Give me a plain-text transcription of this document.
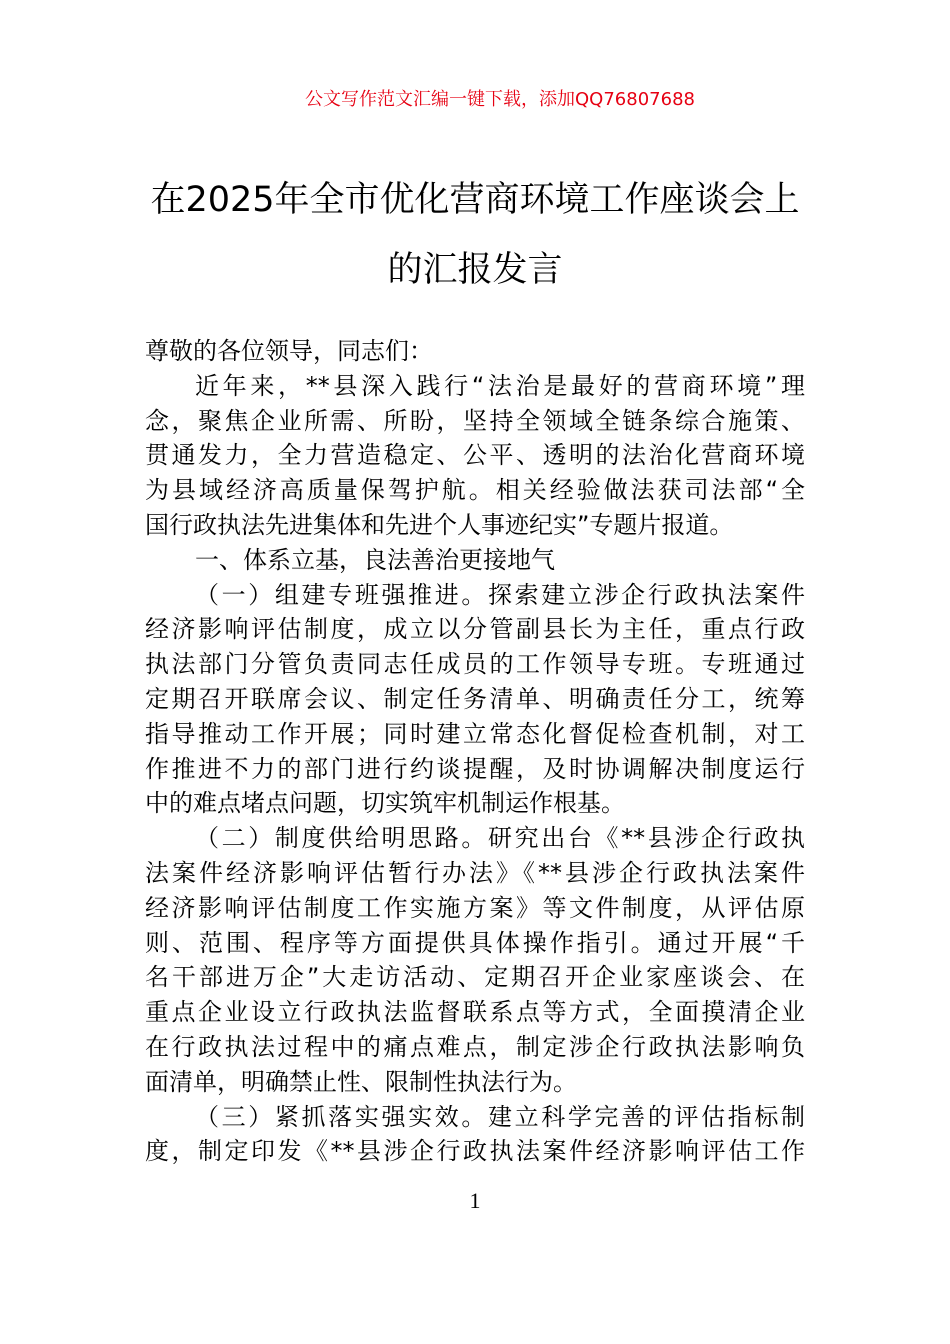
公文写作范文汇编一键下载，添加QQ76807688
在2025年全市优化营商环境工作座谈会上
的汇报发言
尊敬的各位领导，同志们：
近年来，**县深入践行“法治是最好的营商环境”理
念，聚焦企业所需、所盼，坚持全领域全链条综合施策、
贯通发力，全力营造稳定、公平、透明的法治化营商环境
为县域经济高质量保驾护航。相关经验做法获司法部“全
国行政执法先进集体和先进个人事迹纪实”专题片报道。
一、体系立基，良法善治更接地气
（一）组建专班强推进。探索建立涉企行政执法案件
经济影响评估制度，成立以分管副县长为主任，重点行政
执法部门分管负责同志任成员的工作领导专班。专班通过
定期召开联席会议、制定任务清单、明确责任分工，统筹
指导推动工作开展；同时建立常态化督促检查机制，对工
作推进不力的部门进行约谈提醒，及时协调解决制度运行
中的难点堵点问题，切实筑牢机制运作根基。
（二）制度供给明思路。研究出台《**县涉企行政执
法案件经济影响评估暂行办法》《**县涉企行政执法案件
经济影响评估制度工作实施方案》等文件制度，从评估原
则、范围、程序等方面提供具体操作指引。通过开展“千
名干部进万企”大走访活动、定期召开企业家座谈会、在
重点企业设立行政执法监督联系点等方式，全面摸清企业
在行政执法过程中的痛点难点，制定涉企行政执法影响负
面清单，明确禁止性、限制性执法行为。
（三）紧抓落实强实效。建立科学完善的评估指标制
度，制定印发《**县涉企行政执法案件经济影响评估工作
1
